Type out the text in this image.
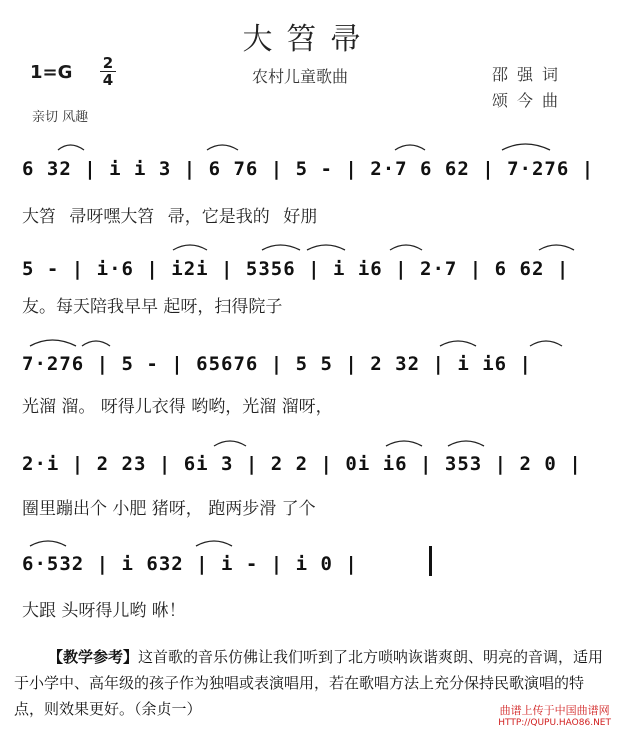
大笤帚
1=G 2
4	农村儿童歌曲	邵强词
颂今曲
亲切 风趣
6 32 | i i 3 | 6 76 | 5 - | 2·7 6 62 | 7·276 |
大笤 帚呀嘿大笤 帚，它是我的 好朋
5 - | i·6 | i2i | 5356 | i i6 | 2·7 | 6 62 |
友。每天陪我早早 起呀，扫得院子
7·276 | 5 - | 65676 | 5 5 | 2 32 | i i6 |
光溜 溜。 呀得儿衣得 哟哟，光溜 溜呀，
2·i | 2 23 | 6i 3 | 2 2 | 0i i6 | 353 | 2 0 |
圈里蹦出个 小肥 猪呀， 跑两步滑 了个
6·532 | i 632 | i - | i 0 |
大跟 头呀得儿哟 咻！
【教学参考】这首歌的音乐仿佛让我们听到了北方唢呐诙谐爽朗、明亮的音调，适用于小学中、高年级的孩子作为独唱或表演唱用，若在歌唱方法上充分保持民歌演唱的特点，则效果更好。（余贞一）	曲谱上传于中国曲谱网
HTTP://QUPU.HAO86.NET
